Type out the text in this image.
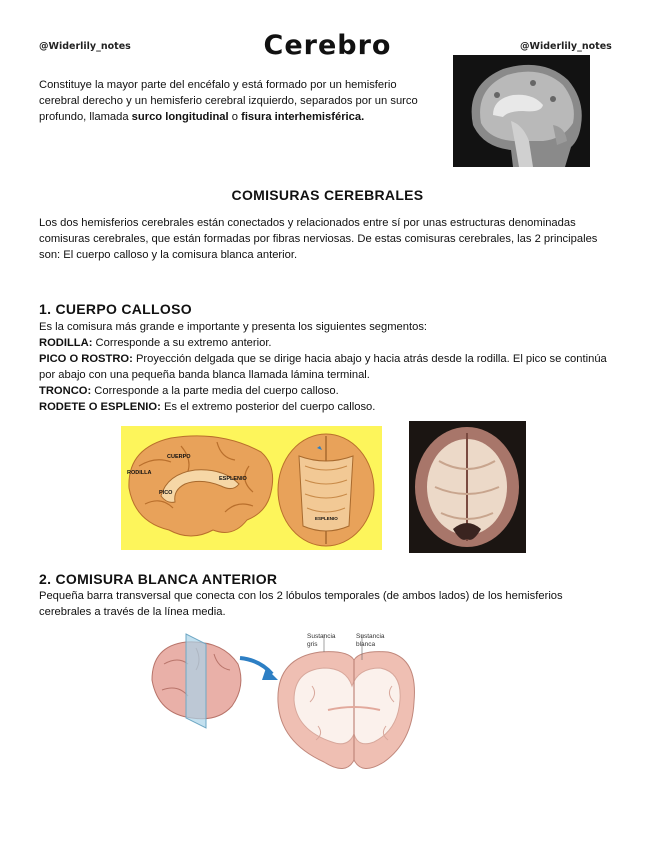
@Widerlily_notes	@Widerlily_notes
Cerebro
Constituye la mayor parte del encéfalo y está formado por un hemisferio cerebral derecho y un hemisferio cerebral izquierdo, separados por un surco profundo, llamada surco longitudinal o fisura interhemisférica.
COMISURAS CEREBRALES
Los dos hemisferios cerebrales están conectados y relacionados entre sí por unas estructuras denominadas comisuras cerebrales, que están formadas por fibras nerviosas. De estas comisuras cerebrales, las 2 principales son: El cuerpo calloso y la comisura blanca anterior.
1. CUERPO CALLOSO
Es la comisura más grande e importante y presenta los siguientes segmentos:
RODILLA: Corresponde a su extremo anterior.
PICO O ROSTRO: Proyección delgada que se dirige hacia abajo y hacia atrás desde la rodilla. El pico se continúa por abajo con una pequeña banda blanca llamada lámina terminal.
TRONCO: Corresponde a la parte media del cuerpo calloso.
RODETE O ESPLENIO: Es el extremo posterior del cuerpo calloso.
CUERPO
RODILLA
ESPLENIO
PICO
ESPLENIO
2. COMISURA BLANCA ANTERIOR
Pequeña barra transversal que conecta con los 2 lóbulos temporales (de ambos lados) de los hemisferios cerebrales a través de la línea media.
Sustancia
gris
Sustancia
blanca
